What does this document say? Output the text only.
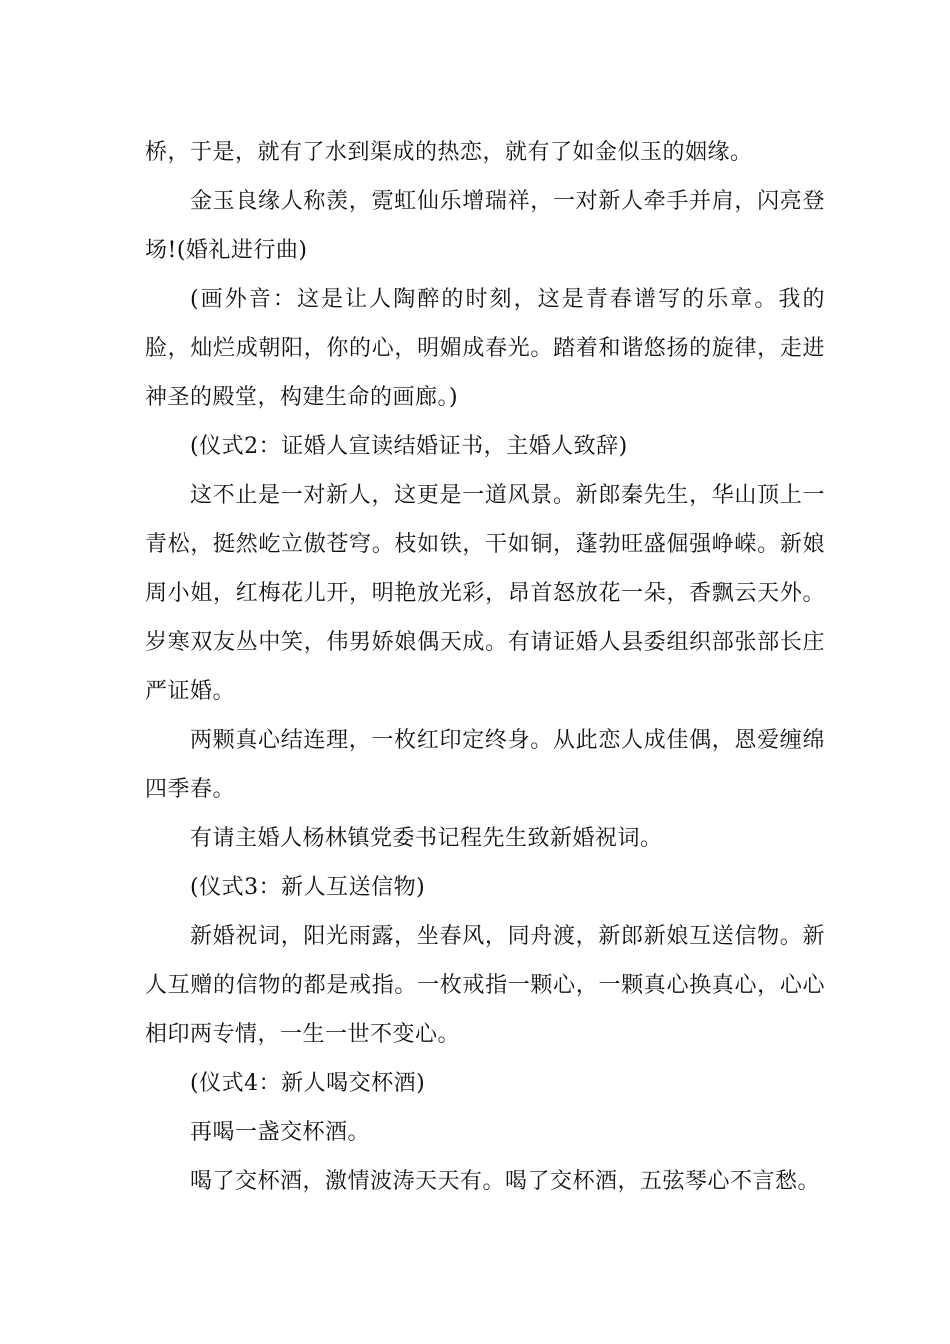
桥，于是，就有了水到渠成的热恋，就有了如金似玉的姻缘。

金玉良缘人称羡，霓虹仙乐增瑞祥，一对新人牵手并肩，闪亮登场!(婚礼进行曲)

(画外音：这是让人陶醉的时刻，这是青春谱写的乐章。我的脸，灿烂成朝阳，你的心，明媚成春光。踏着和谐悠扬的旋律，走进神圣的殿堂，构建生命的画廊。)

(仪式2：证婚人宣读结婚证书，主婚人致辞)

这不止是一对新人，这更是一道风景。新郎秦先生，华山顶上一青松，挺然屹立傲苍穹。枝如铁，干如铜，蓬勃旺盛倔强峥嵘。新娘周小姐，红梅花儿开，明艳放光彩，昂首怒放花一朵，香飘云天外。岁寒双友丛中笑，伟男娇娘偶天成。有请证婚人县委组织部张部长庄严证婚。

两颗真心结连理，一枚红印定终身。从此恋人成佳偶，恩爱缠绵四季春。

有请主婚人杨林镇党委书记程先生致新婚祝词。

(仪式3：新人互送信物)

新婚祝词，阳光雨露，坐春风，同舟渡，新郎新娘互送信物。新人互赠的信物的都是戒指。一枚戒指一颗心，一颗真心换真心，心心相印两专情，一生一世不变心。

(仪式4：新人喝交杯酒)

再喝一盏交杯酒。

喝了交杯酒，激情波涛天天有。喝了交杯酒，五弦琴心不言愁。
